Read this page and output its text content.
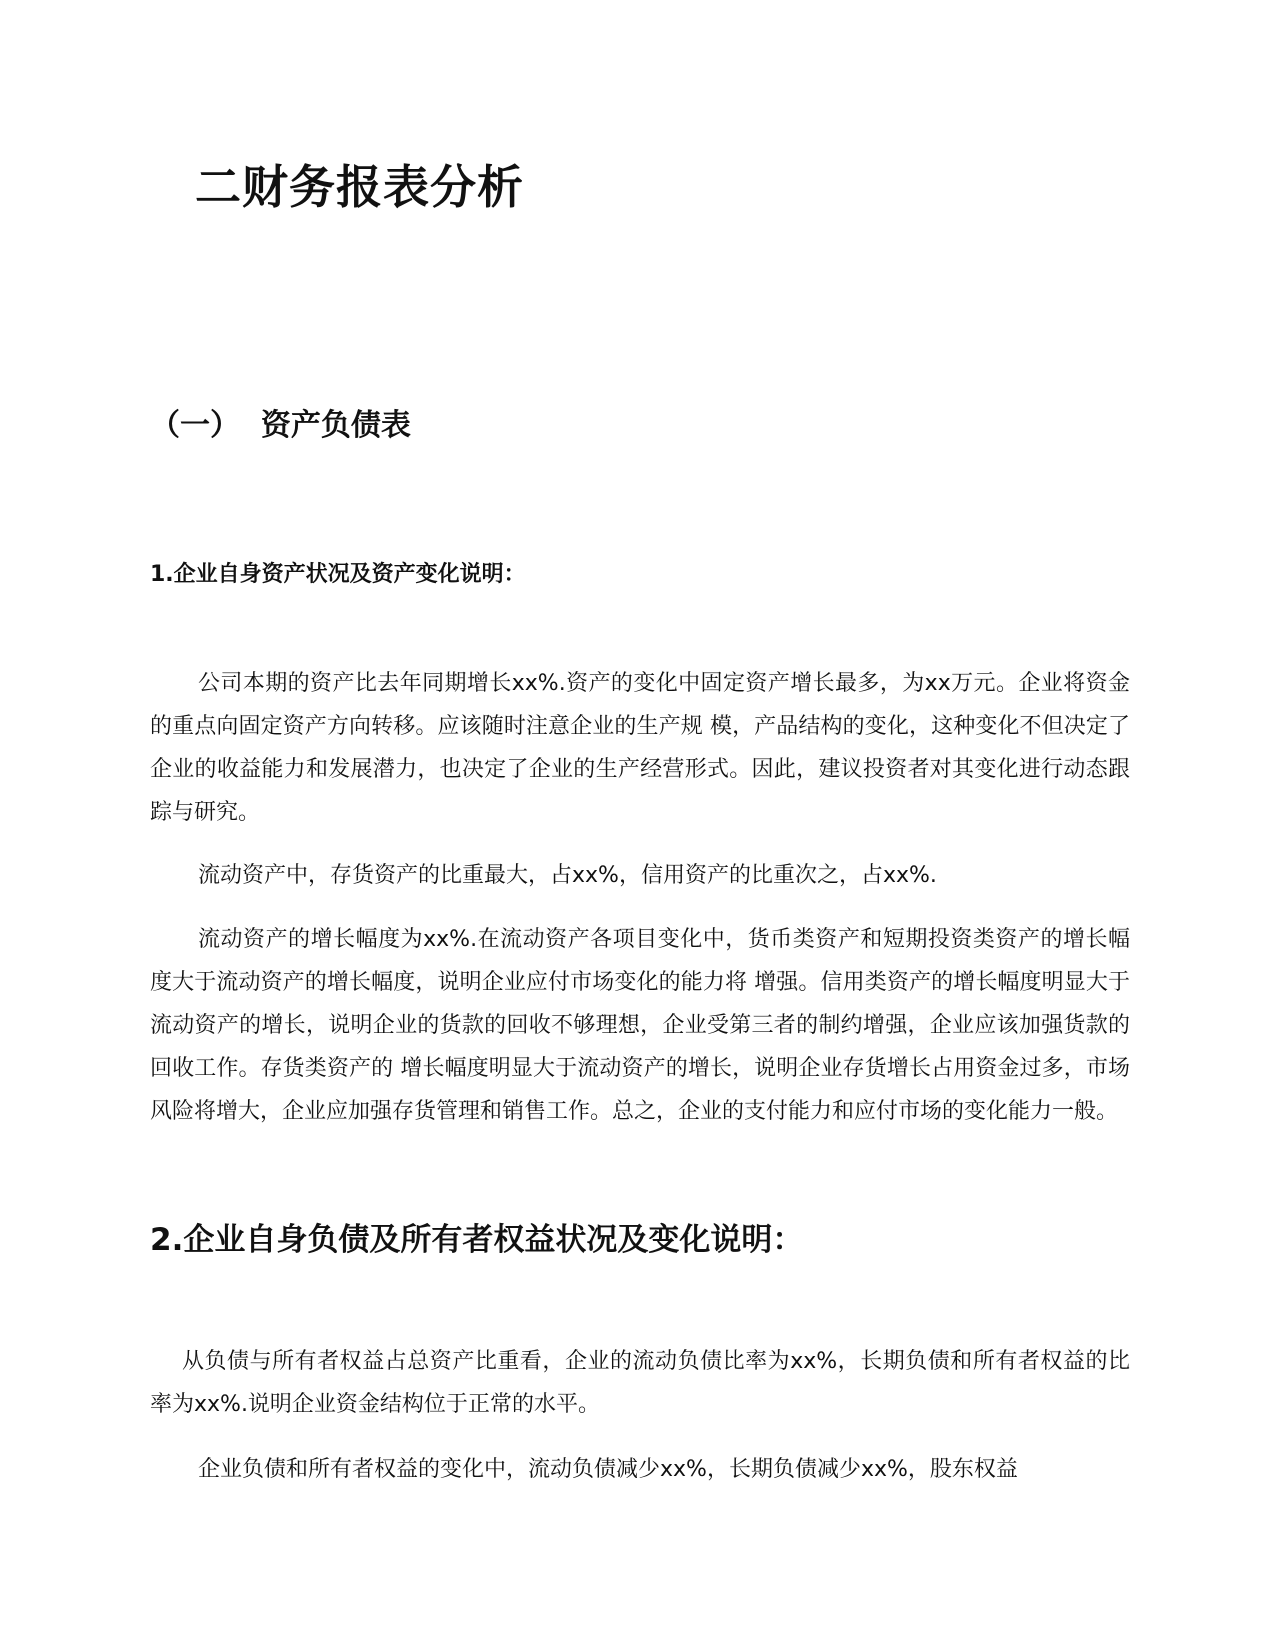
二财务报表分析
（一）  资产负债表
1.企业自身资产状况及资产变化说明：

公司本期的资产比去年同期增长xx%.资产的变化中固定资产增长最多，为xx万元。企业将资金的重点向固定资产方向转移。应该随时注意企业的生产规 模，产品结构的变化，这种变化不但决定了企业的收益能力和发展潜力，也决定了企业的生产经营形式。因此，建议投资者对其变化进行动态跟踪与研究。

流动资产中，存货资产的比重最大，占xx%，信用资产的比重次之，占xx%.

流动资产的增长幅度为xx%.在流动资产各项目变化中，货币类资产和短期投资类资产的增长幅度大于流动资产的增长幅度，说明企业应付市场变化的能力将 增强。信用类资产的增长幅度明显大于流动资产的增长，说明企业的货款的回收不够理想，企业受第三者的制约增强，企业应该加强货款的回收工作。存货类资产的 增长幅度明显大于流动资产的增长，说明企业存货增长占用资金过多，市场风险将增大，企业应加强存货管理和销售工作。总之，企业的支付能力和应付市场的变化能力一般。

2.企业自身负债及所有者权益状况及变化说明：

从负债与所有者权益占总资产比重看，企业的流动负债比率为xx%，长期负债和所有者权益的比率为xx%.说明企业资金结构位于正常的水平。

企业负债和所有者权益的变化中，流动负债减少xx%，长期负债减少xx%，股东权益
